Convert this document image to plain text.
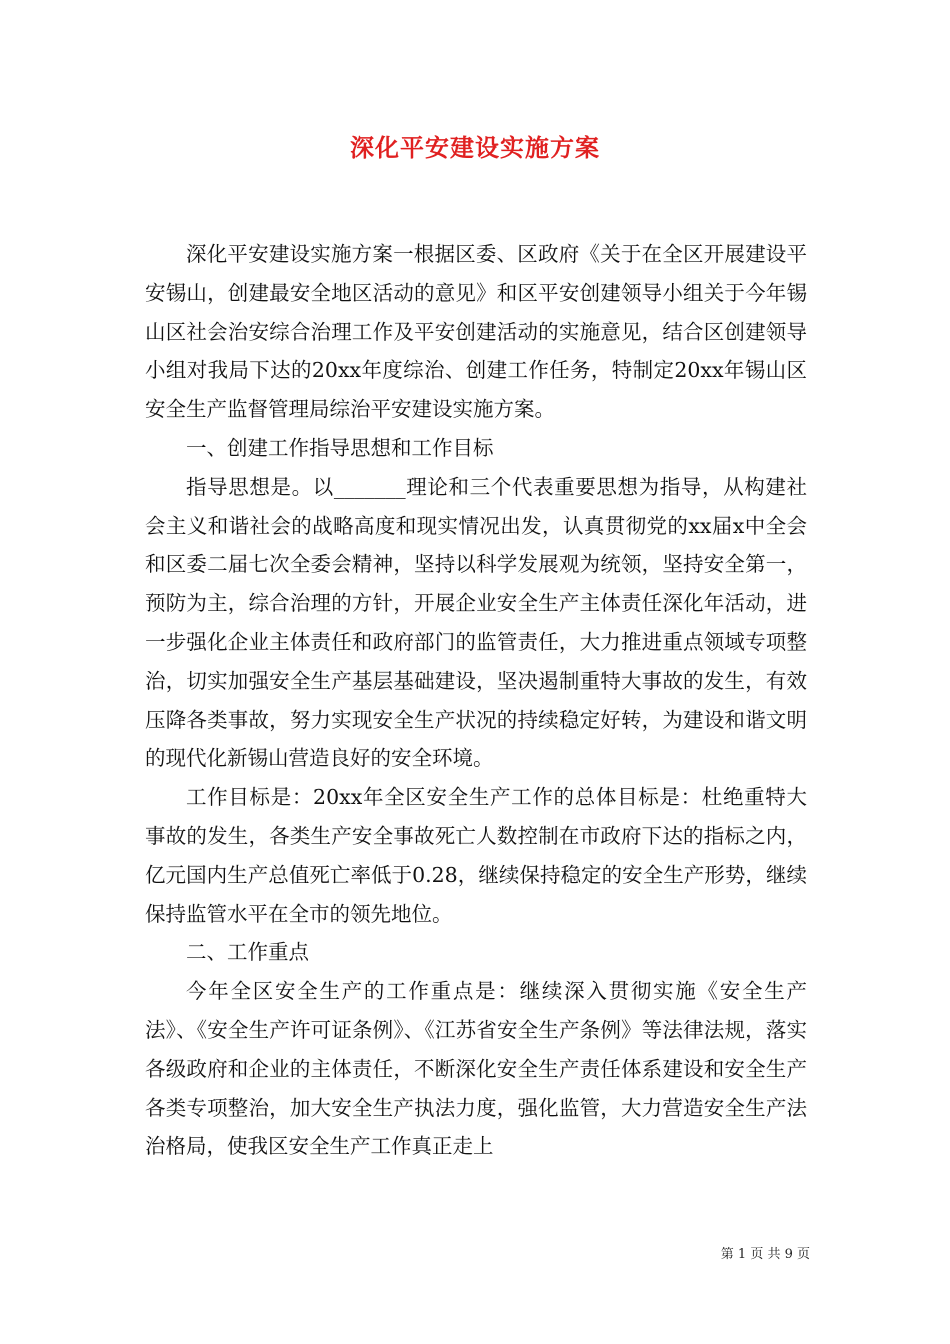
深化平安建设实施方案

深化平安建设实施方案一根据区委、区政府《关于在全区开展建设平安锡山，创建最安全地区活动的意见》和区平安创建领导小组关于今年锡山区社会治安综合治理工作及平安创建活动的实施意见，结合区创建领导小组对我局下达的20xx年度综治、创建工作任务，特制定20xx年锡山区安全生产监督管理局综治平安建设实施方案。

一、创建工作指导思想和工作目标

指导思想是。以_______理论和三个代表重要思想为指导，从构建社会主义和谐社会的战略高度和现实情况出发，认真贯彻党的xx届x中全会和区委二届七次全委会精神，坚持以科学发展观为统领，坚持安全第一，预防为主，综合治理的方针，开展企业安全生产主体责任深化年活动，进一步强化企业主体责任和政府部门的监管责任，大力推进重点领域专项整治，切实加强安全生产基层基础建设，坚决遏制重特大事故的发生，有效压降各类事故，努力实现安全生产状况的持续稳定好转，为建设和谐文明的现代化新锡山营造良好的安全环境。

工作目标是：20xx年全区安全生产工作的总体目标是：杜绝重特大事故的发生，各类生产安全事故死亡人数控制在市政府下达的指标之内，亿元国内生产总值死亡率低于0.28，继续保持稳定的安全生产形势，继续保持监管水平在全市的领先地位。

二、工作重点

今年全区安全生产的工作重点是：继续深入贯彻实施《安全生产法》、《安全生产许可证条例》、《江苏省安全生产条例》等法律法规，落实各级政府和企业的主体责任，不断深化安全生产责任体系建设和安全生产各类专项整治，加大安全生产执法力度，强化监管，大力营造安全生产法治格局，使我区安全生产工作真正走上

第 1 页 共 9 页
